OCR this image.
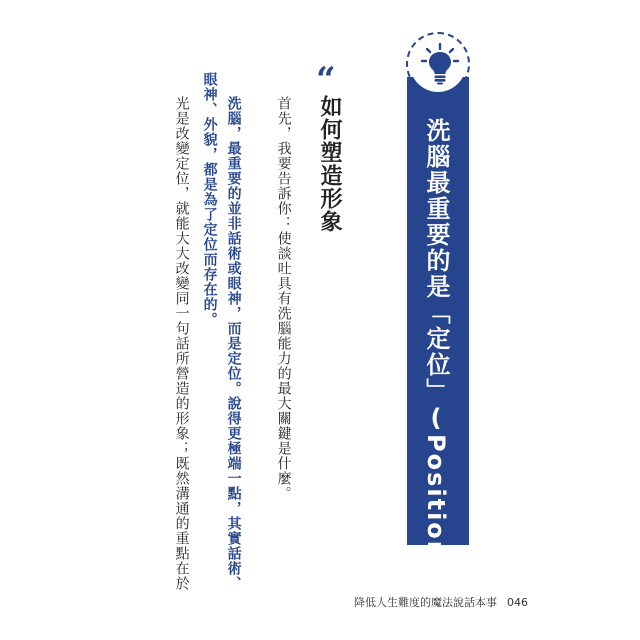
洗腦最重要的是「定位」(Positioning)
“
如何塑造形象
首先，我要告訴你：使談吐具有洗腦能力的最大關鍵是什麼。
洗腦，最重要的並非話術或眼神，而是定位。說得更極端一點，其實話術、
眼神、外貌，都是為了定位而存在的。
光是改變定位，就能大大改變同一句話所營造的形象；既然溝通的重點在於
降低人生難度的魔法說話本事 046
